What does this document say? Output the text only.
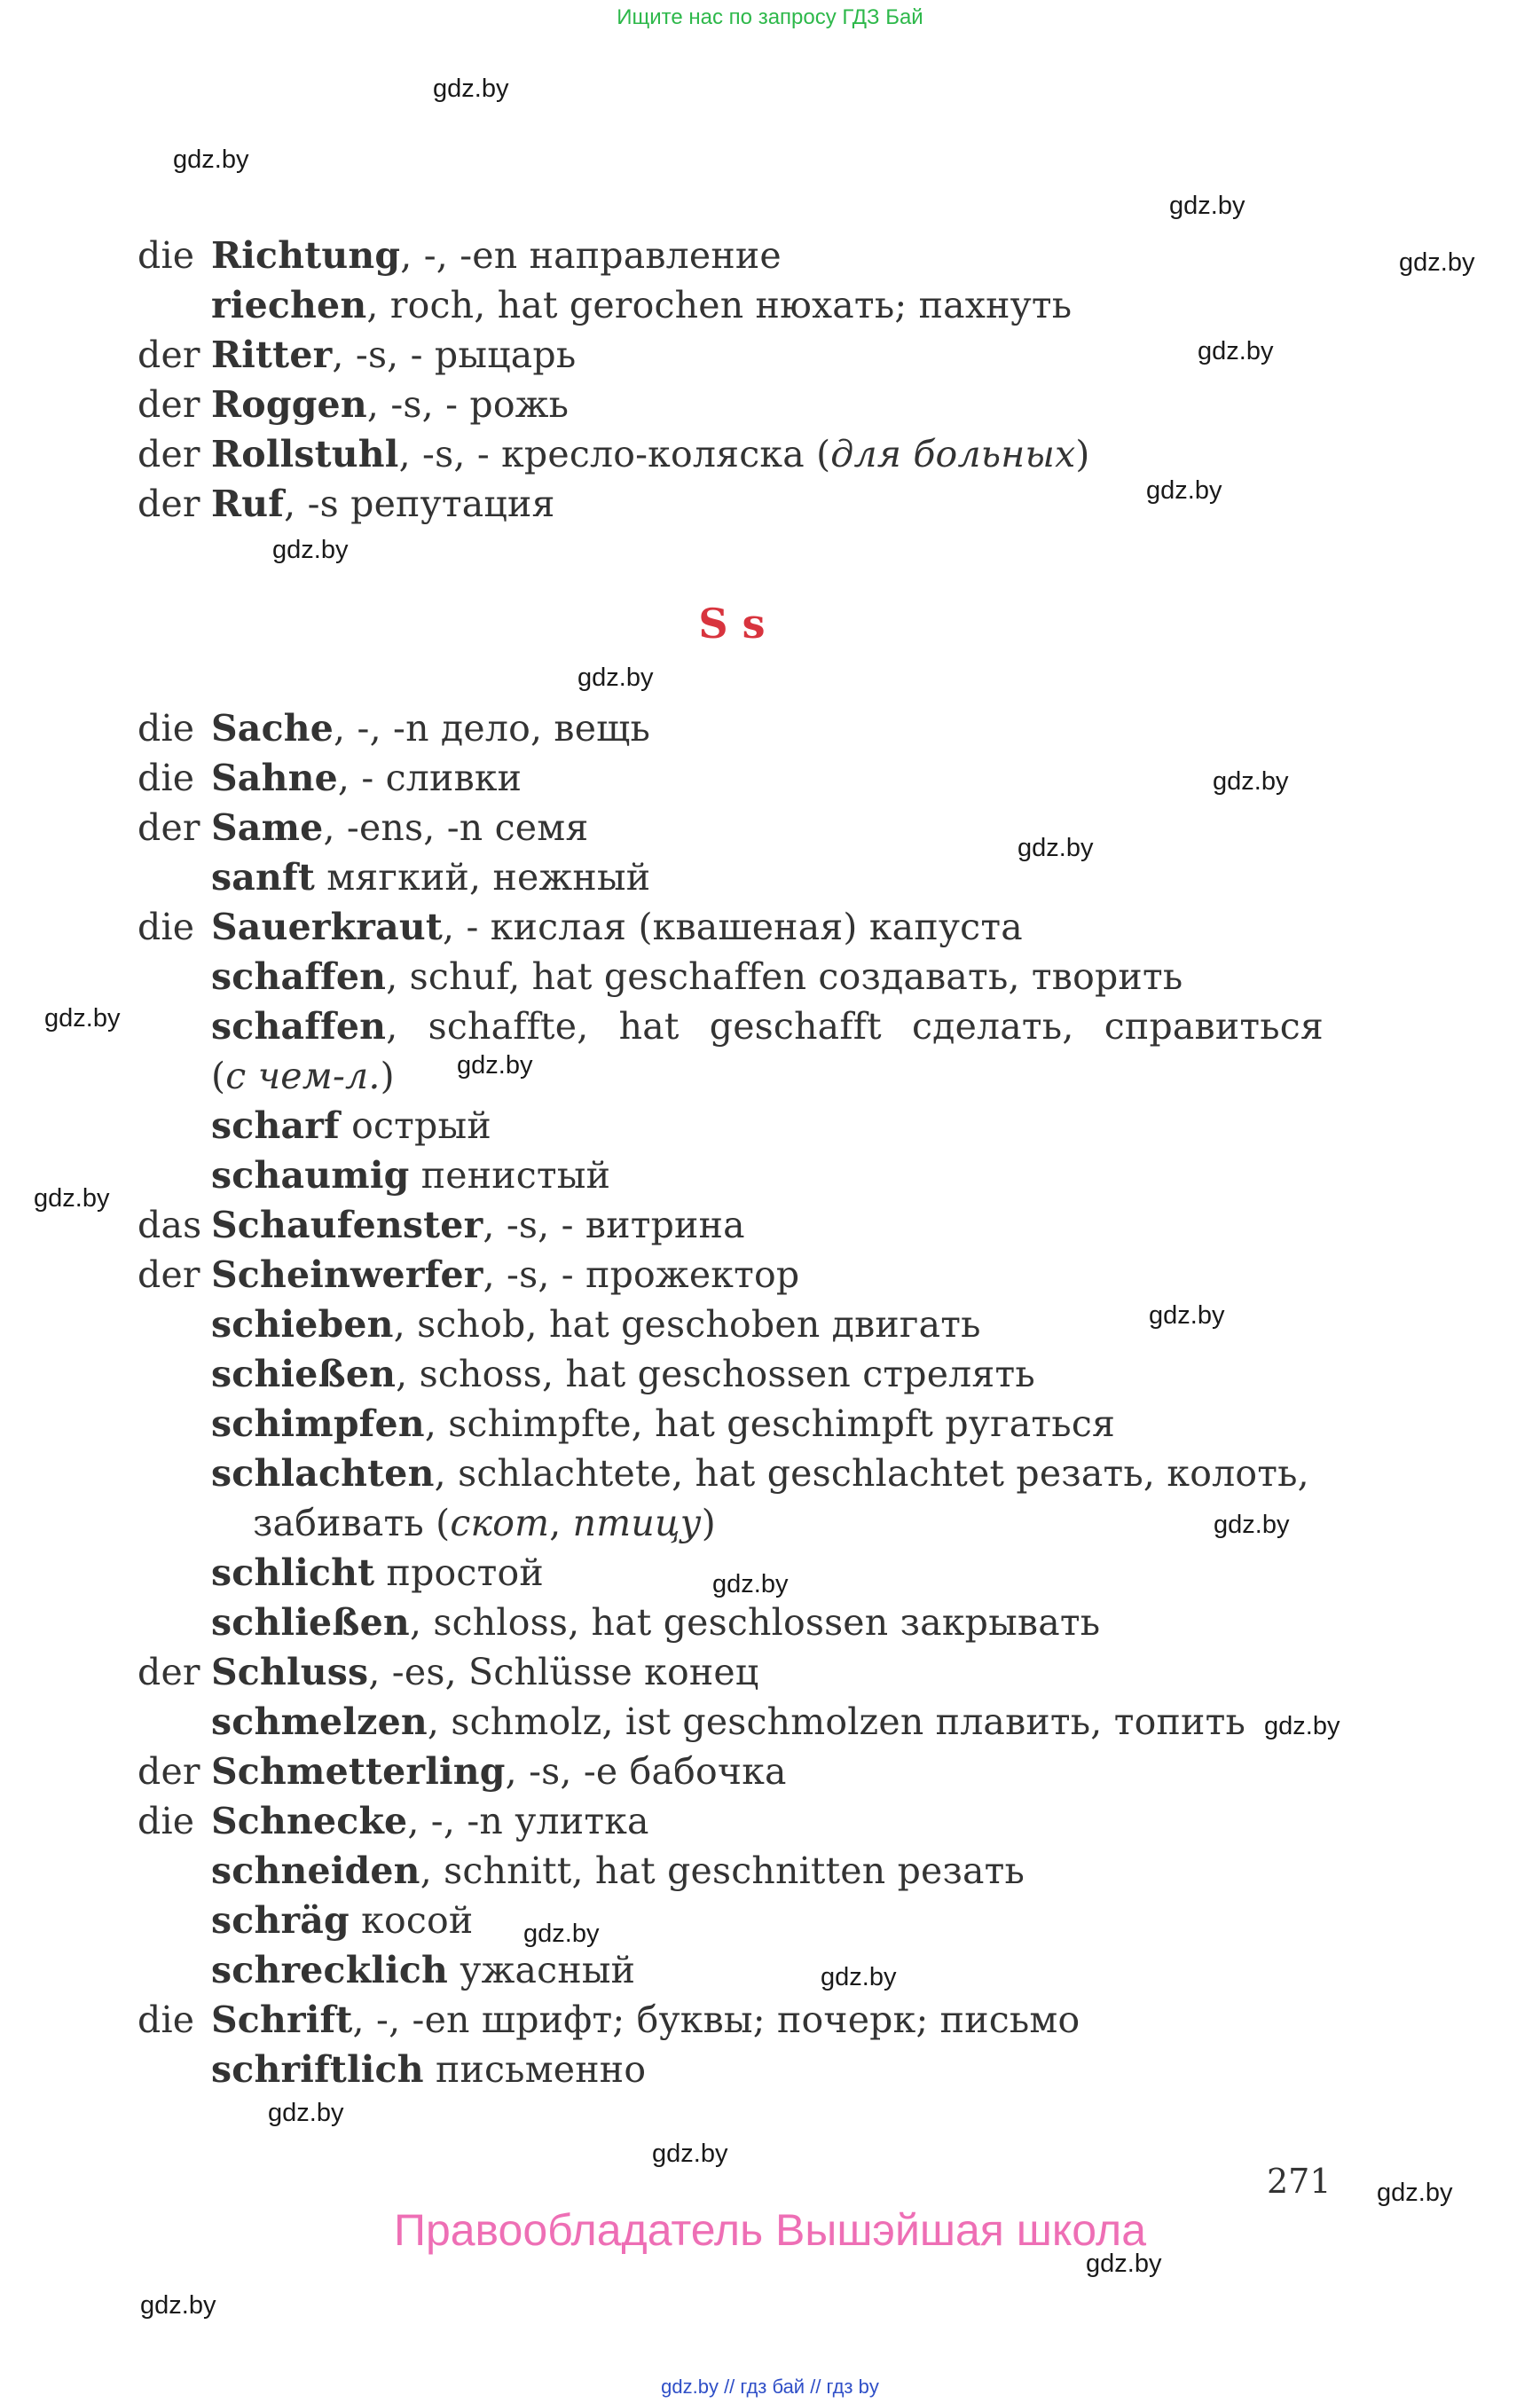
Ищите нас по запросу ГДЗ Бай
gdz.by
gdz.by
gdz.by
gdz.by
gdz.by
gdz.by
gdz.by
gdz.by
gdz.by
gdz.by
gdz.by
gdz.by
gdz.by
gdz.by
gdz.by
gdz.by
gdz.by
gdz.by
gdz.by
gdz.by
gdz.by
gdz.by
gdz.by
gdz.by
die Richtung, -, -en направление
riechen, roch, hat gerochen нюхать; пахнуть
der Ritter, -s, - рыцарь
der Roggen, -s, - рожь
der Rollstuhl, -s, - кресло-коляска (для больных)
der Ruf, -s репутация
S s
die Sache, -, -n дело, вещь
die Sahne, - сливки
der Same, -ens, -n семя
sanft мягкий, нежный
die Sauerkraut, - кислая (квашеная) капуста
schaffen, schuf, hat geschaffen создавать, творить
schaffen, schaffte, hat geschafft сделать, справиться
(с чем-л.)
scharf острый
schaumig пенистый
das Schaufenster, -s, - витрина
der Scheinwerfer, -s, - прожектор
schieben, schob, hat geschoben двигать
schießen, schoss, hat geschossen стрелять
schimpfen, schimpfte, hat geschimpft ругаться
schlachten, schlachtete, hat geschlachtet резать, колоть,
забивать (скот, птицу)
schlicht простой
schließen, schloss, hat geschlossen закрывать
der Schluss, -es, Schlüsse конец
schmelzen, schmolz, ist geschmolzen плавить, топить
der Schmetterling, -s, -e бабочка
die Schnecke, -, -n улитка
schneiden, schnitt, hat geschnitten резать
schräg косой
schrecklich ужасный
die Schrift, -, -en шрифт; буквы; почерк; письмо
schriftlich письменно
271
Правообладатель Вышэйшая школа
gdz.by // гдз бай // гдз by
